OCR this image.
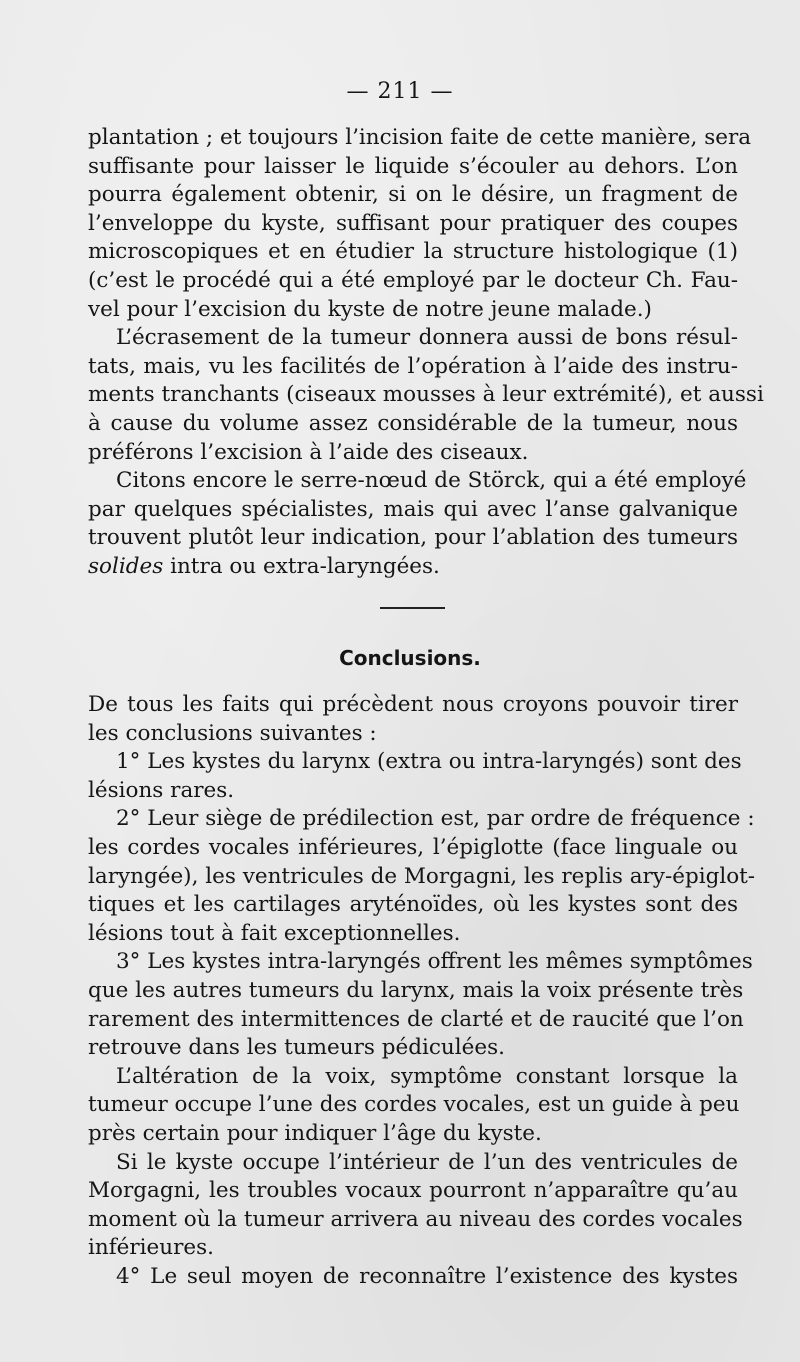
— 211 —
plantation ; et toujours l’incision faite de cette manière, sera
suffisante pour laisser le liquide s’écouler au dehors. L’on
pourra également obtenir, si on le désire, un fragment de
l’enveloppe du kyste, suffisant pour pratiquer des coupes
microscopiques et en étudier la structure histologique (1)
(c’est le procédé qui a été employé par le docteur Ch. Fau-
vel pour l’excision du kyste de notre jeune malade.)
L’écrasement de la tumeur donnera aussi de bons résul-
tats, mais, vu les facilités de l’opération à l’aide des instru-
ments tranchants (ciseaux mousses à leur extrémité), et aussi
à cause du volume assez considérable de la tumeur, nous
préférons l’excision à l’aide des ciseaux.
Citons encore le serre-nœud de Störck, qui a été employé
par quelques spécialistes, mais qui avec l’anse galvanique
trouvent plutôt leur indication, pour l’ablation des tumeurs
solides intra ou extra-laryngées.
Conclusions.
De tous les faits qui précèdent nous croyons pouvoir tirer
les conclusions suivantes :
1° Les kystes du larynx (extra ou intra-laryngés) sont des
lésions rares.
2° Leur siège de prédilection est, par ordre de fréquence :
les cordes vocales inférieures, l’épiglotte (face linguale ou
laryngée), les ventricules de Morgagni, les replis ary-épiglot-
tiques et les cartilages aryténoïdes, où les kystes sont des
lésions tout à fait exceptionnelles.
3° Les kystes intra-laryngés offrent les mêmes symptômes
que les autres tumeurs du larynx, mais la voix présente très
rarement des intermittences de clarté et de raucité que l’on
retrouve dans les tumeurs pédiculées.
L’altération de la voix, symptôme constant lorsque la
tumeur occupe l’une des cordes vocales, est un guide à peu
près certain pour indiquer l’âge du kyste.
Si le kyste occupe l’intérieur de l’un des ventricules de
Morgagni, les troubles vocaux pourront n’apparaître qu’au
moment où la tumeur arrivera au niveau des cordes vocales
inférieures.
4° Le seul moyen de reconnaître l’existence des kystes
